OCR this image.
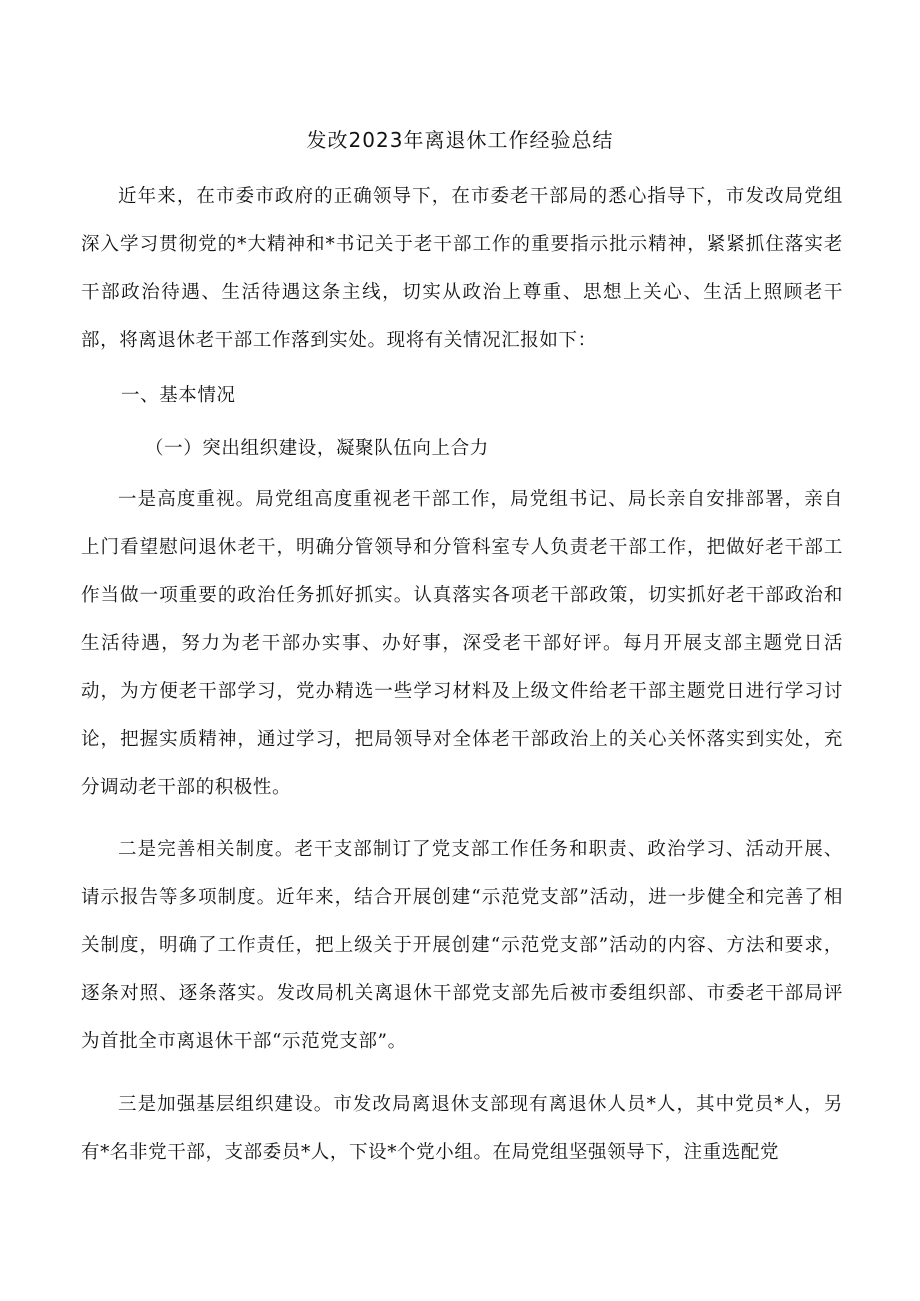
发改2023年离退休工作经验总结
近年来，在市委市政府的正确领导下，在市委老干部局的悉心指导下，市发改局党组深入学习贯彻党的*大精神和*书记关于老干部工作的重要指示批示精神，紧紧抓住落实老干部政治待遇、生活待遇这条主线，切实从政治上尊重、思想上关心、生活上照顾老干部，将离退休老干部工作落到实处。现将有关情况汇报如下：
一、基本情况
（一）突出组织建设，凝聚队伍向上合力
一是高度重视。局党组高度重视老干部工作，局党组书记、局长亲自安排部署，亲自上门看望慰问退休老干，明确分管领导和分管科室专人负责老干部工作，把做好老干部工作当做一项重要的政治任务抓好抓实。认真落实各项老干部政策，切实抓好老干部政治和生活待遇，努力为老干部办实事、办好事，深受老干部好评。每月开展支部主题党日活动，为方便老干部学习，党办精选一些学习材料及上级文件给老干部主题党日进行学习讨论，把握实质精神，通过学习，把局领导对全体老干部政治上的关心关怀落实到实处，充分调动老干部的积极性。
二是完善相关制度。老干支部制订了党支部工作任务和职责、政治学习、活动开展、请示报告等多项制度。近年来，结合开展创建“示范党支部”活动，进一步健全和完善了相关制度，明确了工作责任，把上级关于开展创建“示范党支部”活动的内容、方法和要求，逐条对照、逐条落实。发改局机关离退休干部党支部先后被市委组织部、市委老干部局评为首批全市离退休干部“示范党支部”。
三是加强基层组织建设。市发改局离退休支部现有离退休人员*人，其中党员*人，另有*名非党干部，支部委员*人，下设*个党小组。在局党组坚强领导下，注重选配党
